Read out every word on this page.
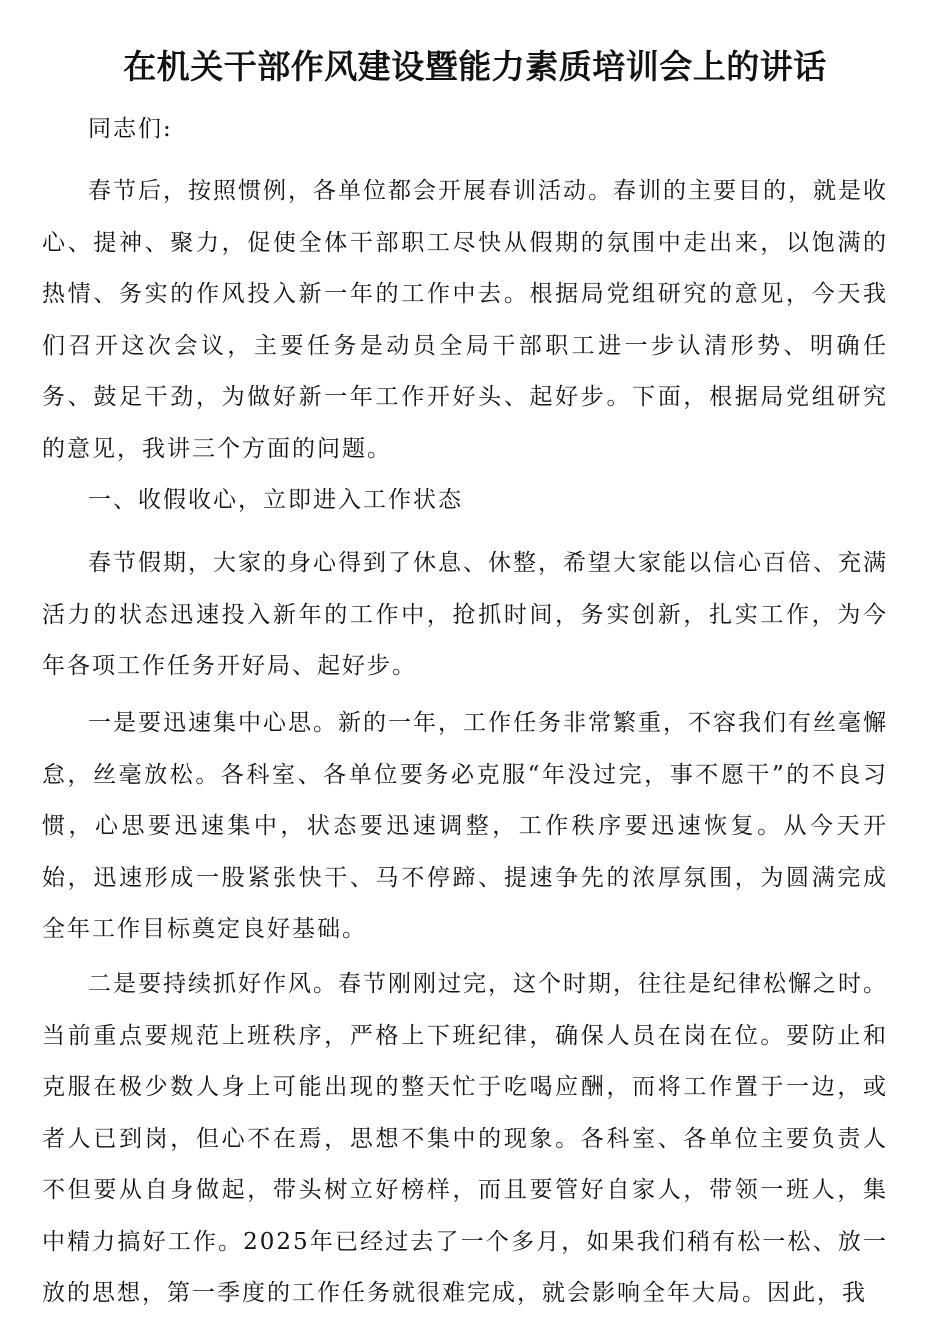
在机关干部作风建设暨能力素质培训会上的讲话

同志们:

春节后，按照惯例，各单位都会开展春训活动。春训的主要目的，就是收心、提神、聚力，促使全体干部职工尽快从假期的氛围中走出来，以饱满的热情、务实的作风投入新一年的工作中去。根据局党组研究的意见，今天我们召开这次会议，主要任务是动员全局干部职工进一步认清形势、明确任务、鼓足干劲，为做好新一年工作开好头、起好步。下面，根据局党组研究的意见，我讲三个方面的问题。

一、收假收心，立即进入工作状态

春节假期，大家的身心得到了休息、休整，希望大家能以信心百倍、充满活力的状态迅速投入新年的工作中，抢抓时间，务实创新，扎实工作，为今年各项工作任务开好局、起好步。

一是要迅速集中心思。新的一年，工作任务非常繁重，不容我们有丝毫懈怠，丝毫放松。各科室、各单位要务必克服“年没过完，事不愿干”的不良习惯，心思要迅速集中，状态要迅速调整，工作秩序要迅速恢复。从今天开始，迅速形成一股紧张快干、马不停蹄、提速争先的浓厚氛围，为圆满完成全年工作目标奠定良好基础。

二是要持续抓好作风。春节刚刚过完，这个时期，往往是纪律松懈之时。当前重点要规范上班秩序，严格上下班纪律，确保人员在岗在位。要防止和克服在极少数人身上可能出现的整天忙于吃喝应酬，而将工作置于一边，或者人已到岗，但心不在焉，思想不集中的现象。各科室、各单位主要负责人不但要从自身做起，带头树立好榜样，而且要管好自家人，带领一班人，集中精力搞好工作。2025年已经过去了一个多月，如果我们稍有松一松、放一放的思想，第一季度的工作任务就很难完成，就会影响全年大局。因此，我
